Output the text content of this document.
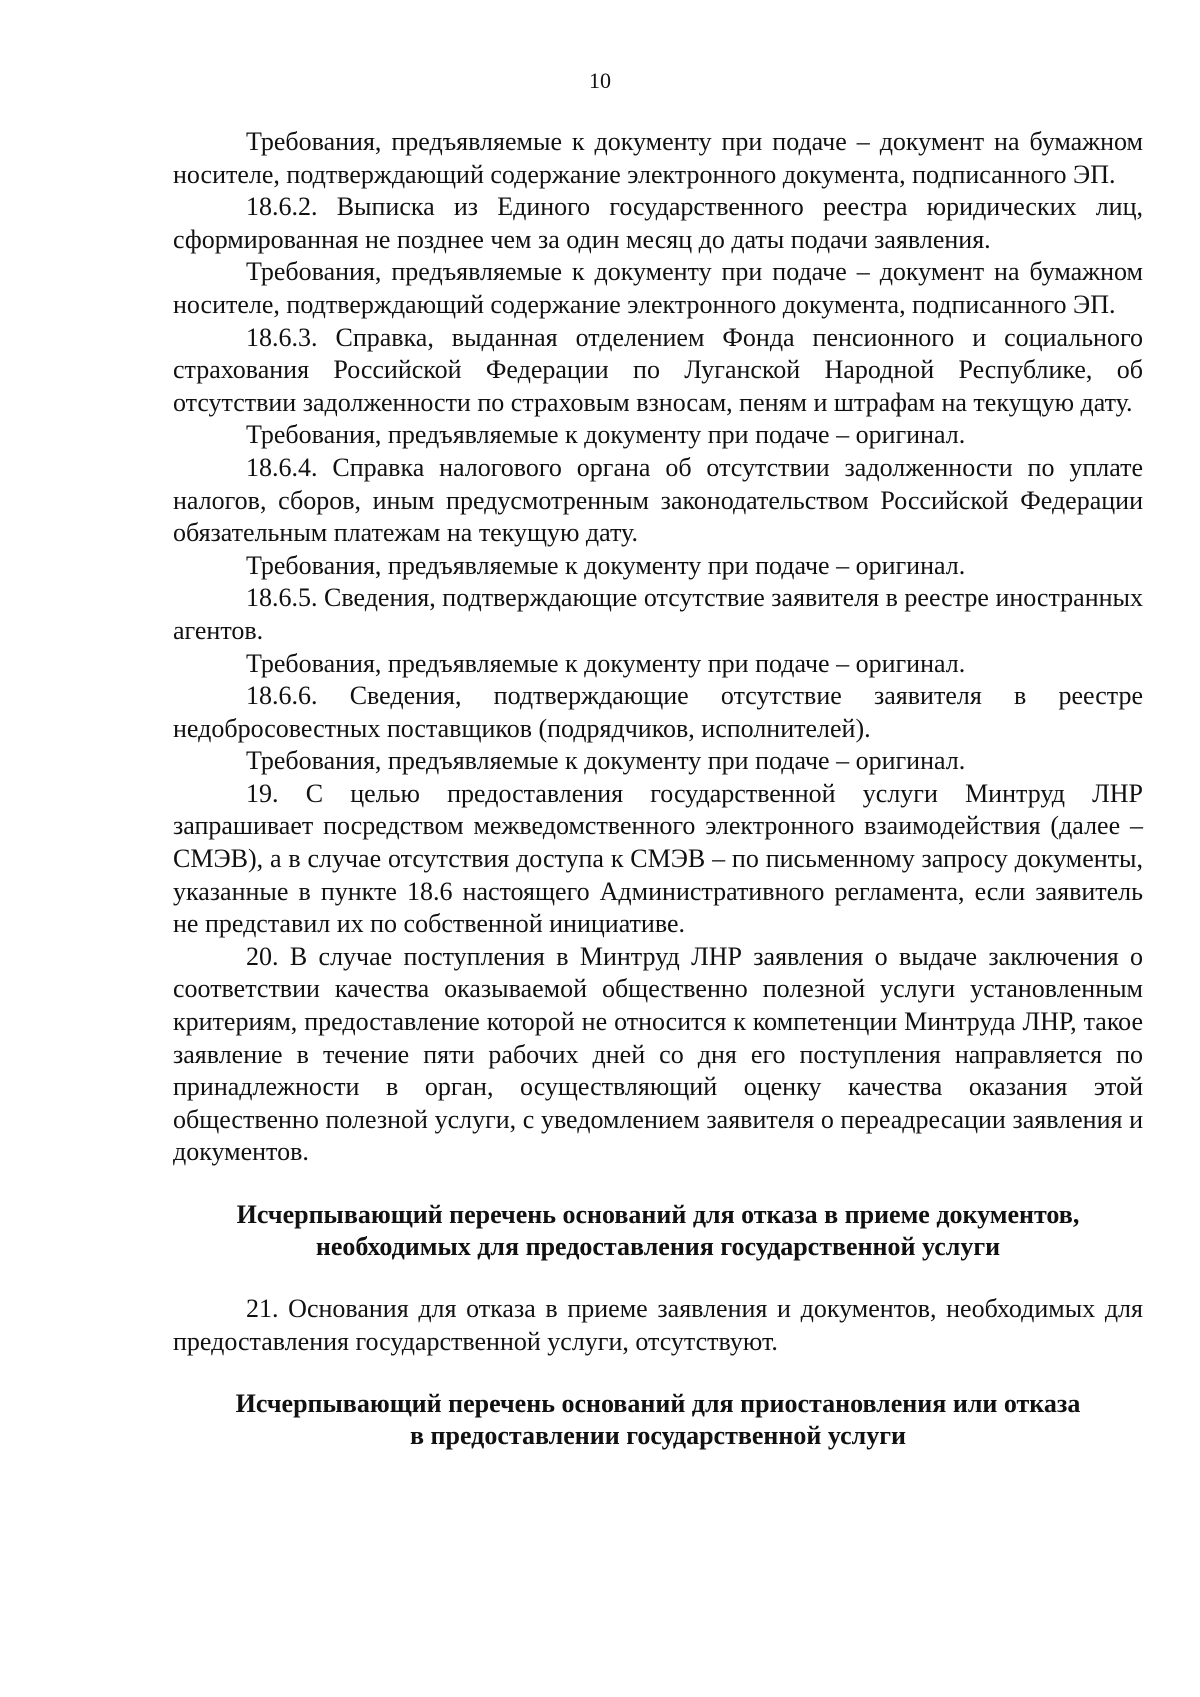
10

Требования, предъявляемые к документу при подаче – документ на бумажном носителе, подтверждающий содержание электронного документа, подписанного ЭП.

18.6.2. Выписка из Единого государственного реестра юридических лиц, сформированная не позднее чем за один месяц до даты подачи заявления.

Требования, предъявляемые к документу при подаче – документ на бумажном носителе, подтверждающий содержание электронного документа, подписанного ЭП.

18.6.3. Справка, выданная отделением Фонда пенсионного и социального страхования Российской Федерации по Луганской Народной Республике, об отсутствии задолженности по страховым взносам, пеням и штрафам на текущую дату.

Требования, предъявляемые к документу при подаче – оригинал.

18.6.4. Справка налогового органа об отсутствии задолженности по уплате налогов, сборов, иным предусмотренным законодательством Российской Федерации обязательным платежам на текущую дату.

Требования, предъявляемые к документу при подаче – оригинал.

18.6.5. Сведения, подтверждающие отсутствие заявителя в реестре иностранных агентов.

Требования, предъявляемые к документу при подаче – оригинал.

18.6.6. Сведения, подтверждающие отсутствие заявителя в реестре недобросовестных поставщиков (подрядчиков, исполнителей).

Требования, предъявляемые к документу при подаче – оригинал.

19. С целью предоставления государственной услуги Минтруд ЛНР запрашивает посредством межведомственного электронного взаимодействия (далее – СМЭВ), а в случае отсутствия доступа к СМЭВ – по письменному запросу документы, указанные в пункте 18.6 настоящего Административного регламента, если заявитель не представил их по собственной инициативе.

20. В случае поступления в Минтруд ЛНР заявления о выдаче заключения о соответствии качества оказываемой общественно полезной услуги установленным критериям, предоставление которой не относится к компетенции Минтруда ЛНР, такое заявление в течение пяти рабочих дней со дня его поступления направляется по принадлежности в орган, осуществляющий оценку качества оказания этой общественно полезной услуги, с уведомлением заявителя о переадресации заявления и документов.

Исчерпывающий перечень оснований для отказа в приеме документов,
необходимых для предоставления государственной услуги

21. Основания для отказа в приеме заявления и документов, необходимых для предоставления государственной услуги, отсутствуют.

Исчерпывающий перечень оснований для приостановления или отказа
в предоставлении государственной услуги
